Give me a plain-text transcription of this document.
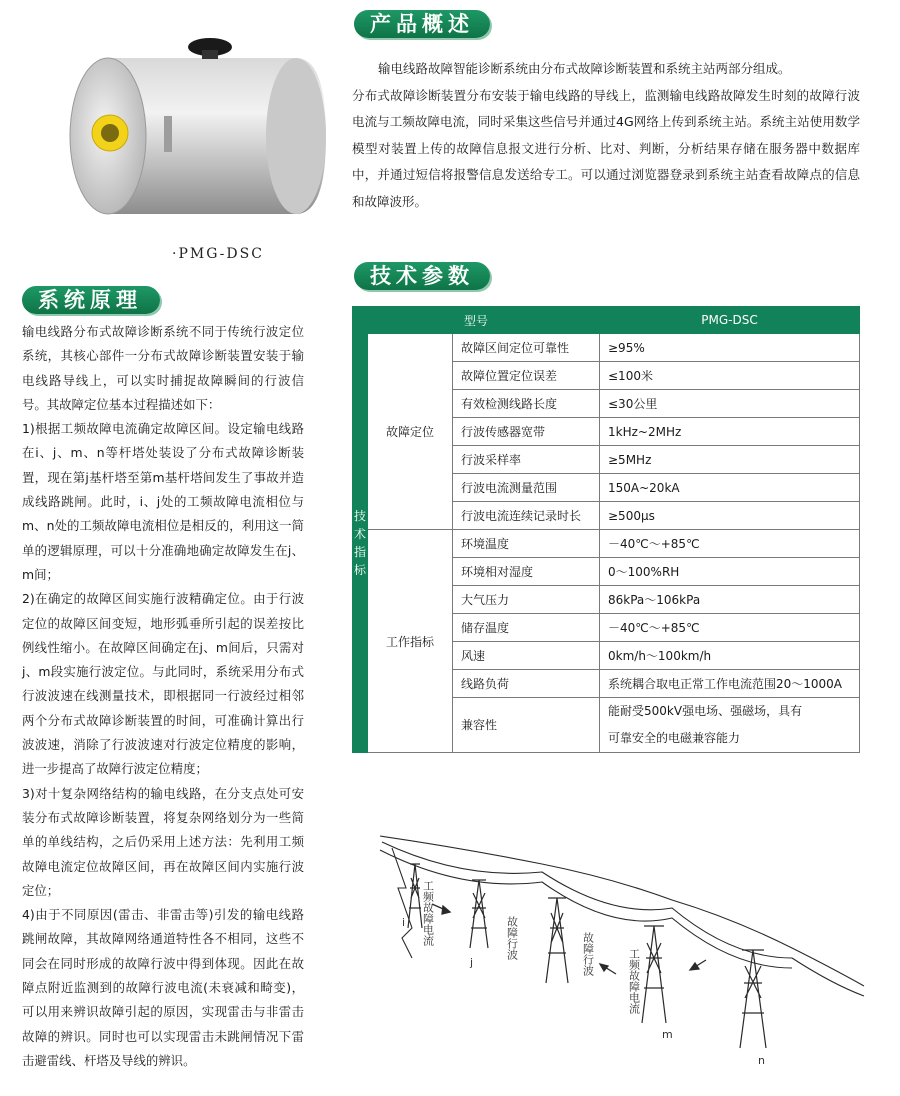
产品概述
系统原理
技术参数
·PMG-DSC

输电线路故障智能诊断系统由分布式故障诊断装置和系统主站两部分组成。

分布式故障诊断装置分布安装于输电线路的导线上，监测输电线路故障发生时刻的故障行波电流与工频故障电流，同时采集这些信号并通过4G网络上传到系统主站。系统主站使用数学模型对装置上传的故障信息报文进行分析、比对、判断，分析结果存储在服务器中数据库中，并通过短信将报警信息发送给专工。可以通过浏览器登录到系统主站查看故障点的信息和故障波形。

输电线路分布式故障诊断系统不同于传统行波定位系统，其核心部件一分布式故障诊断装置安装于输电线路导线上，可以实时捕捉故障瞬间的行波信号。其故障定位基本过程描述如下：

1)根据工频故障电流确定故障区间。设定输电线路在i、j、m、n等杆塔处装设了分布式故障诊断装置，现在第j基杆塔至第m基杆塔间发生了事故并造成线路跳闸。此时，i、j处的工频故障电流相位与m、n处的工频故障电流相位是相反的，利用这一简单的逻辑原理，可以十分准确地确定故障发生在j、m间；

2)在确定的故障区间实施行波精确定位。由于行波定位的故障区间变短，地形弧垂所引起的误差按比例线性缩小。在故障区间确定在j、m间后，只需对j、m段实施行波定位。与此同时，系统采用分布式行波波速在线测量技术，即根据同一行波经过相邻两个分布式故障诊断装置的时间，可准确计算出行波波速，消除了行波波速对行波定位精度的影响，进一步提高了故障行波定位精度；

3)对十复杂网络结构的输电线路，在分支点处可安装分布式故障诊断装置，将复杂网络划分为一些简单的单线结构，之后仍采用上述方法：先利用工频故障电流定位故障区间，再在故障区间内实施行波定位；

4)由于不同原因(雷击、非雷击等)引发的输电线路跳闸故障，其故障网络通道特性各不相同，这些不同会在同时形成的故障行波中得到体现。因此在故障点附近监测到的故障行波电流(未衰减和畸变)，可以用来辨识故障引起的原因，实现雷击与非雷击故障的辨识。同时也可以实现雷击未跳闸情况下雷击避雷线、杆塔及导线的辨识。

型号			PMG-DSC
技
术
指
标	故障定位	故障区间定位可靠性	≥95%
		故障位置定位误差	≤100米
		有效检测线路长度	≤30公里
		行波传感器宽带	1kHz~2MHz
		行波采样率	≥5MHz
		行波电流测量范围	150A~20kA
		行波电流连续记录时长	≥500μs
	工作指标	环境温度	－40℃～+85℃
		环境相对湿度	0～100%RH
		大气压力	86kPa～106kPa
		储存温度	－40℃～+85℃
		风速	0km/h～100km/h
		线路负荷	系统耦合取电正常工作电流范围20～1000A
		兼容性	能耐受500kV强电场、强磁场，具有
可靠安全的电磁兼容能力
工频故障电流	故障行波	故障行波	工频故障电流
i
j
m
n
